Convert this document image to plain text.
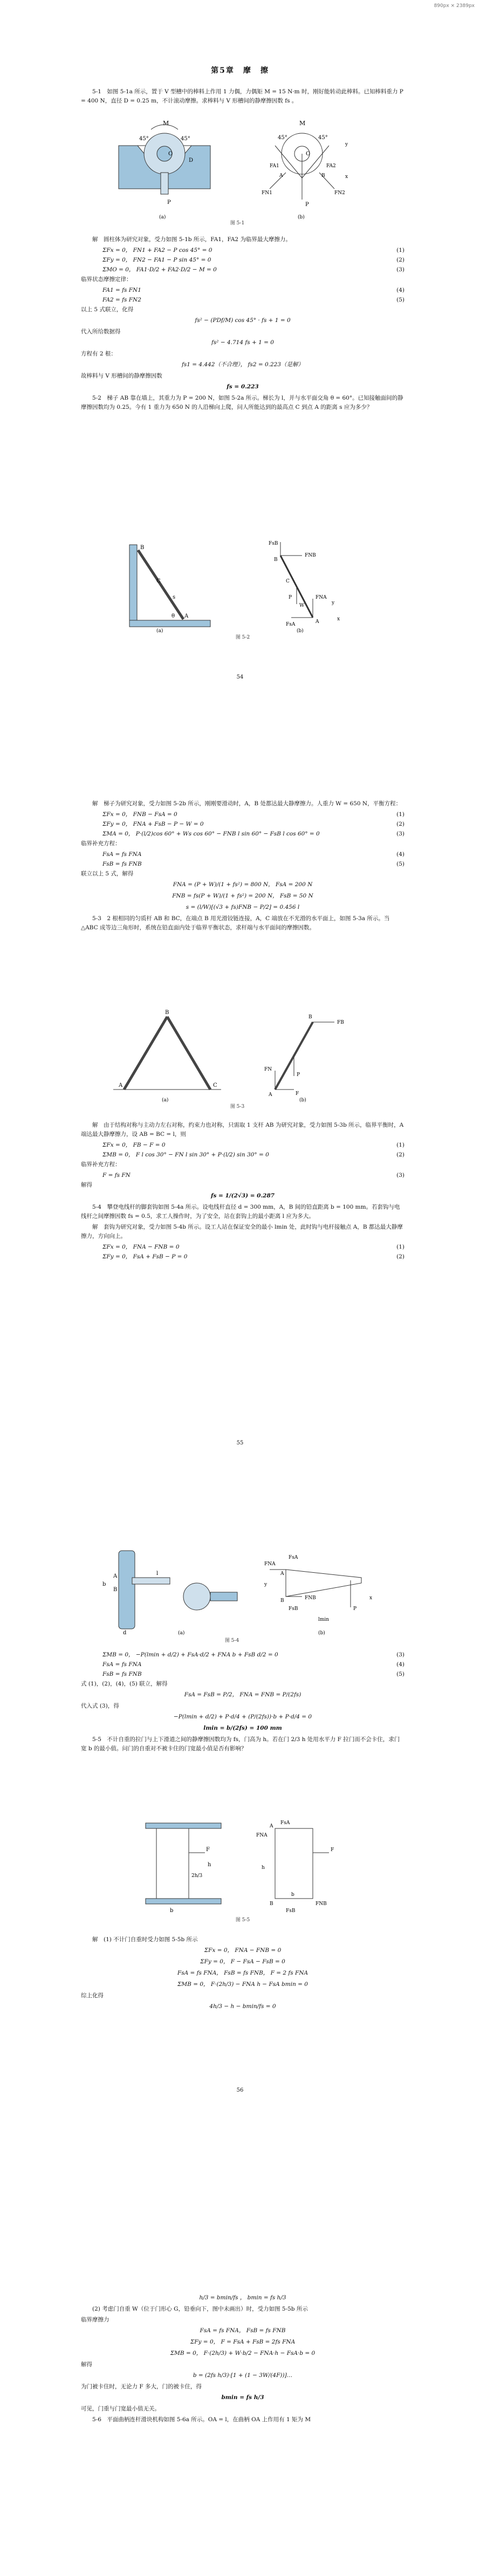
890px × 2389px
第5章　摩　擦

5-1　如图 5-1a 所示，置于 V 型槽中的棒料上作用 1 力偶，力偶矩 M = 15 N·m 时，刚好能转动此棒料。已知棒料重力 P = 400 N，直径 D = 0.25 m，不计滚动摩擦。求棒料与 V 形槽间的静摩擦因数 fs 。

M
45°	45°
O
P
D
M
45°	45°
O
FN1	FN2
FA1	FA2
P
x
y
A	B
(a)	(b)
图 5-1

解　圆柱体为研究对象，受力如图 5-1b 所示，FA1，FA2 为临界最大摩擦力。

ΣFx = 0， FN1 + FA2 − P cos 45° = 0	(1)
ΣFy = 0， FN2 − FA1 − P sin 45° = 0	(2)
ΣMO = 0， FA1·D/2 + FA2·D/2 − M = 0	(3)

临界状态摩擦定律：

FA1 = fs FN1	(4)
FA2 = fs FN2	(5)

以上 5 式联立，化得

fs² − (PDf/M) cos 45° · fs + 1 = 0

代入所给数据得

fs² − 4.714 fs + 1 = 0

方程有 2 根：

fs1 = 4.442（不合理）， fs2 = 0.223（是解）

故棒料与 V 形槽间的静摩擦因数

fs = 0.223

5-2　梯子 AB 靠在墙上，其重力为 P = 200 N，如图 5-2a 所示。梯长为 l，并与水平面交角 θ = 60°。已知接触面间的静摩擦因数均为 0.25。今有 1 重力为 650 N 的人沿梯向上爬，问人所能达到的最高点 C 到点 A 的距离 s 应为多少？

B
C
A
θ
s
FNB
FsB
B
C
W
P
A
FNA
FsA
x
y
(a)	(b)
图 5-2
54

解　梯子为研究对象，受力如图 5-2b 所示，刚刚要滑动时，A，B 处都达最大静摩擦力。人重力 W = 650 N，平衡方程：

ΣFx = 0， FNB − FsA = 0	(1)
ΣFy = 0， FNA + FsB − P − W = 0	(2)
ΣMA = 0， P·(l/2)cos 60° + Ws cos 60° − FNB l sin 60° − FsB l cos 60° = 0	(3)

临界补充方程：

FsA = fs FNA	(4)
FsB = fs FNB	(5)

联立以上 5 式，解得

FNA = (P + W)/(1 + fs²) = 800 N， FsA = 200 N
FNB = fs(P + W)/(1 + fs²) = 200 N， FsB = 50 N
s = (l/W)[(√3 + fs)FNB − P/2] = 0.456 l

5-3　2 根相同的匀质杆 AB 和 BC，在端点 B 用光滑铰链连接，A，C 端放在不光滑的水平面上，如图 5-3a 所示。当 △ABC 成等边三角形时，系统在铅直面内处于临界平衡状态，求杆端与水平面间的摩擦因数。

B
A	C
B
FB
P
A	F
FN
(a)	(b)
图 5-3

解　由于结构对称与主动力左右对称，约束力也对称，只需取 1 支杆 AB 为研究对象，受力如图 5-3b 所示，临界平衡时，A 端达最大静摩擦力，设 AB = BC = l，则

ΣFx = 0， FB − F = 0	(1)
ΣMB = 0， F l cos 30° − FN l sin 30° + P·(l/2) sin 30° = 0	(2)

临界补充方程：

F = fs FN	(3)

解得

fs = 1/(2√3) = 0.287

5-4　攀登电线杆的脚套钩如图 5-4a 所示。设电线杆直径 d = 300 mm，A，B 间的铅直距离 b = 100 mm。若套钩与电线杆之间摩擦因数 fs = 0.5，求工人操作时，为了安全，站在套钩上的最小距离 l 应为多大。

解　套钩为研究对象，受力如图 5-4b 所示。设工人站在保证安全的最小 lmin 处，此时钩与电杆接触点 A，B 都达最大静摩擦力，方向向上。

ΣFx = 0， FNA − FNB = 0	(1)
ΣFy = 0， FsA + FsB − P = 0	(2)
55
d
A
B
b
l
FNA
FsA
A
FNB
FsB
B
P
x
y
lmin
(a)	(b)
图 5-4
ΣMB = 0， −P(lmin + d/2) + FsA·d/2 + FNA b + FsB d/2 = 0	(3)
FsA = fs FNA	(4)
FsB = fs FNB	(5)

式 (1)，(2)，(4)，(5) 联立，解得

FsA = FsB = P/2， FNA = FNB = P/(2fs)

代入式 (3)，得

−P(lmin + d/2) + P·d/4 + (P/(2fs))·b + P·d/4 = 0
lmin = b/(2fs) = 100 mm

5-5　不计自重的拉门与上下滑道之间的静摩擦因数均为 fs，门高为 h。若在门 2/3 h 处用水平力 F 拉门而不会卡住，求门宽 b 的最小值。问门的自重对不被卡住的门宽最小值是否有影响？

h
2h/3
F
b
A
FNA
FsA
B	FNB
FsB
F
h
b
图 5-5

解　(1) 不计门自重时受力如图 5-5b 所示

ΣFx = 0， FNA − FNB = 0
ΣFy = 0， F − FsA − FsB = 0
FsA = fs FNA， FsB = fs FNB， F = 2 fs FNA
ΣMB = 0， F·(2h/3) − FNA h − FsA bmin = 0

综上化得

4h/3 − h − bmin/fs = 0
56
h/3 = bmin/fs ， bmin = fs h/3

(2) 考虑门自重 W（位于门形心 G，铅垂向下，图中未画出）时，受力如图 5-5b 所示

临界摩擦力

FsA = fs FNA， FsB = fs FNB
ΣFy = 0， F = FsA + FsB = 2fs FNA
ΣMB = 0， F·(2h/3) + W·b/2 − FNA·h − FsA·b = 0

解得

b = (2fs h/3)·[1 + (1 − 3W/(4F))]…

为门被卡住时，无论力 F 多大，门的被卡住，得

bmin = fs h/3

可见，门重与门宽最小值无关。

5-6　平面曲柄连杆滑块机构如图 5-6a 所示。OA = l，在曲柄 OA 上作用有 1 矩为 M
